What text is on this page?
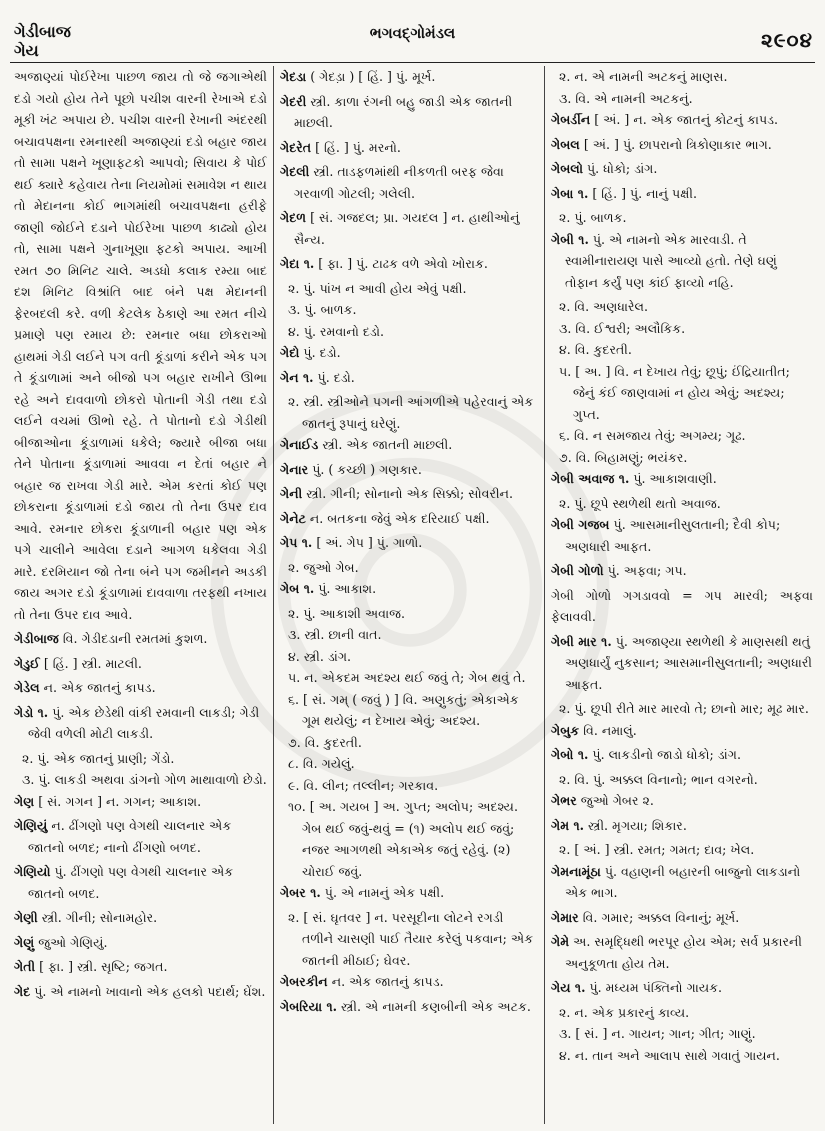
ગેડીબાજ
ગેય
ભગવદ્ગોમંડલ	૨૯૦૪
અજાણ્યાં પોઈરેખા પાછળ જાય તો જે જગાએથી દડો ગયો હોય તેને પૂછો પચીશ વારની રેખાએ દડો મૂકી ખંટ અપાય છે. પચીશ વારની રેખાની અંદરથી બચાવપક્ષના રમનારથી અજાણ્યાં દડો બહાર જાય તો સામા પક્ષને ખૂણાફટકો આપવો; સિવાય કે પોઈ થઈ ક્યારે કહેવાય તેના નિયમોમાં સમાવેશ ન થાય તો મેદાનના કોઈ ભાગમાંથી બચાવપક્ષના હરીફે જાણી જોઈને દડાને પોઈરેખા પાછળ કાઢ્યો હોય તો, સામા પક્ષને ગુનાખૂણા ફટકો અપાય. આખી રમત ૭૦ મિનિટ ચાલે. અડધો કલાક રમ્યા બાદ દશ મિનિટ વિશ્રાંતિ બાદ બંને પક્ષ મેદાનની ફેરબદલી કરે. વળી કેટલેક ઠેકાણે આ રમત નીચે પ્રમાણે પણ રમાય છે: રમનાર બધા છોકરાઓ હાથમાં ગેડી લઈને પગ વતી કૂંડાળાં કરીને એક પગ તે કૂંડાળામાં અને બીજો પગ બહાર રાખીને ઊભા રહે અને દાવવાળો છોકરો પોતાની ગેડી તથા દડો લઈને વચમાં ઊભો રહે. તે પોતાનો દડો ગેડીથી બીજાઓના કૂંડાળામાં ધકેલે; જ્યારે બીજા બધા તેને પોતાના કૂંડાળામાં આવવા ન દેતાં બહાર ને બહાર જ રાખવા ગેડી મારે. એમ કરતાં કોઈ પણ છોકરાના કૂંડાળામાં દડો જાય તો તેના ઉપર દાવ આવે. રમનાર છોકરા કૂંડાળાની બહાર પણ એક પગે ચાલીને આવેલા દડાને આગળ ધકેલવા ગેડી મારે. દરમિયાન જો તેના બંને પગ જમીનને અડકી જાય અગર દડો કૂંડાળામાં દાવવાળા તરફથી નખાય તો તેના ઉપર દાવ આવે.
ગેડીબાજ વિ. ગેડીદડાની રમતમાં કુશળ.
ગેડુઈ [ હિં. ] સ્ત્રી. માટલી.
ગેડેલ ન. એક જાતનું કાપડ.
ગેડો ૧. પું. એક છેડેથી વાંકી રમવાની લાકડી; ગેડી જેવી વળેલી મોટી લાકડી.
૨. પું. એક જાતનું પ્રાણી; ગેંડો.
૩. પું. લાકડી અથવા ડાંગનો ગોળ માથાવાળો છેડો.
ગેણ [ સં. ગગન ] ન. ગગન; આકાશ.
ગેણિયું ન. ઢીંગણો પણ વેગથી ચાલનાર એક જાતનો બળદ; નાનો ઢીંગણો બળદ.
ગેણિયો પું. ઢીંગણો પણ વેગથી ચાલનાર એક જાતનો બળદ.
ગેણી સ્ત્રી. ગીની; સોનામહોર.
ગેણું જુઓ ગેણિયું.
ગેતી [ ફા. ] સ્ત્રી. સૃષ્ટિ; જગત.
ગેદ પું. એ નામનો ખાવાનો એક હલકો પદાર્થ; ઘેંશ.
ગેદડા ( ગેદડ઼ા ) [ હિં. ] પું. મૂર્ખ.
ગેદરી સ્ત્રી. કાળા રંગની બહુ જાડી એક જાતની માછલી.
ગેદરેત [ હિં. ] પું. મરનો.
ગેદલી સ્ત્રી. તાડફળમાંથી નીકળતી બરફ જેવા ગરવાળી ગોટલી; ગલેલી.
ગેદળ [ સં. ગજદલ; પ્રા. ગયદલ ] ન. હાથીઓનું સૈન્ય.
ગેદા ૧. [ ફા. ] પું. ટાઢક વળે એવો ખોરાક.
૨. પું. પાંખ ન આવી હોય એવું પક્ષી.
૩. પું. બાળક.
૪. પું. રમવાનો દડો.
ગેદો પું. દડો.
ગેન ૧. પું. દડો.
૨. સ્ત્રી. સ્ત્રીઓને પગની આંગળીએ પહેરવાનું એક જાતનું રૂપાનું ઘરેણું.
ગેનાઈડ સ્ત્રી. એક જાતની માછલી.
ગેનાર પું. ( કચ્છી ) ગણકાર.
ગેની સ્ત્રી. ગીની; સોનાનો એક સિક્કો; સોવરીન.
ગેનેટ ન. બતકના જેવું એક દરિયાઈ પક્ષી.
ગેપ ૧. [ અં. ગેપ ] પું. ગાળો.
૨. જુઓ ગેબ.
ગેબ ૧. પું. આકાશ.
૨. પું. આકાશી અવાજ.
૩. સ્ત્રી. છાની વાત.
૪. સ્ત્રી. ડાંગ.
૫. ન. એકદમ અદશ્ય થઈ જવું તે; ગેબ થવું તે.
૬. [ સં. ગમ્ ( જવું ) ] વિ. અણુકતું; એકાએક ગૂમ થયેલું; ન દેખાય એવું; અદશ્ય.
૭. વિ. કુદરતી.
૮. વિ. ગયેલું.
૯. વિ. લીન; તલ્લીન; ગરકાવ.
૧૦. [ અ. ગયબ ] અ. ગુપ્ત; અલોપ; અદશ્ય. ગેબ થઈ જવું-થવું = (૧) અલોપ થઈ જવું; નજર આગળથી એકાએક જતું રહેવું. (૨) ચોરાઈ જવું.
ગેબર ૧. પું. એ નામનું એક પક્ષી.
૨. [ સં. ઘૃતવર ] ન. પરસૂદીના લોટને રગડી તળીને ચાસણી પાઈ તૈયાર કરેલું પકવાન; એક જાતની મીઠાઈ; ઘેવર.
ગેબરકીન ન. એક જાતનું કાપડ.
ગેબરિયા ૧. સ્ત્રી. એ નામની કણબીની એક અટક.
૨. ન. એ નામની અટકનું માણસ.
૩. વિ. એ નામની અટકનું.
ગેબર્ડીન [ અં. ] ન. એક જાતનું કોટનું કાપડ.
ગેબલ [ અં. ] પું. છાપરાનો ત્રિકોણાકાર ભાગ.
ગેબલો પું. ધોકો; ડાંગ.
ગેબા ૧. [ હિં. ] પું. નાનું પક્ષી.
૨. પું. બાળક.
ગેબી ૧. પું. એ નામનો એક મારવાડી. તે સ્વામીનારાયણ પાસે આવ્યો હતો. તેણે ઘણું તોફાન કર્યું પણ કાંઈ ફાવ્યો નહિ.
૨. વિ. અણધારેલ.
૩. વિ. ઈશ્વરી; અલૌકિક.
૪. વિ. કુદરતી.
૫. [ અ. ] વિ. ન દેખાય તેવું; છૂપું; ઈંદ્રિયાતીત; જેનું કંઈ જાણવામાં ન હોય એવું; અદશ્ય; ગુપ્ત.
૬. વિ. ન સમજાય તેવું; અગમ્ય; ગૂઢ.
૭. વિ. બિહામણું; ભયંકર.
ગેબી અવાજ ૧. પું. આકાશવાણી.
૨. પું. છૂપે સ્થળેથી થતો અવાજ.
ગેબી ગજબ પું. આસમાનીસુલતાની; દૈવી કોપ; અણધારી આફત.
ગેબી ગોળો પું. અફવા; ગપ.
ગેબી ગોળો ગગડાવવો = ગપ મારવી; અફવા ફેલાવવી.
ગેબી માર ૧. પું. અજાણ્યા સ્થળેથી કે માણસથી થતું અણધાર્યું નુકસાન; આસમાનીસુલતાની; અણધારી આફત.
૨. પું. છૂપી રીતે માર મારવો તે; છાનો માર; મૂઢ માર.
ગેબુક વિ. નમાલું.
ગેબો ૧. પું. લાકડીનો જાડો ધોકો; ડાંગ.
૨. વિ. પું. અક્કલ વિનાનો; ભાન વગરનો.
ગેભર જુઓ ગેબર ૨.
ગેમ ૧. સ્ત્રી. મૃગયા; શિકાર.
૨. [ અં. ] સ્ત્રી. રમત; ગમત; દાવ; ખેલ.
ગેમનામૂંઠા પું. વહાણની બહારની બાજુનો લાકડાનો એક ભાગ.
ગેમાર વિ. ગમાર; અક્કલ વિનાનું; મૂર્ખ.
ગેમે અ. સમૃદ્ધિથી ભરપૂર હોય એમ; સર્વ પ્રકારની અનુકૂળતા હોય તેમ.
ગેય ૧. પું. મધ્યમ પંક્તિનો ગાયક.
૨. ન. એક પ્રકારનું કાવ્ય.
૩. [ સં. ] ન. ગાયન; ગાન; ગીત; ગાણું.
૪. ન. તાન અને આલાપ સાથે ગવાતું ગાયન.
